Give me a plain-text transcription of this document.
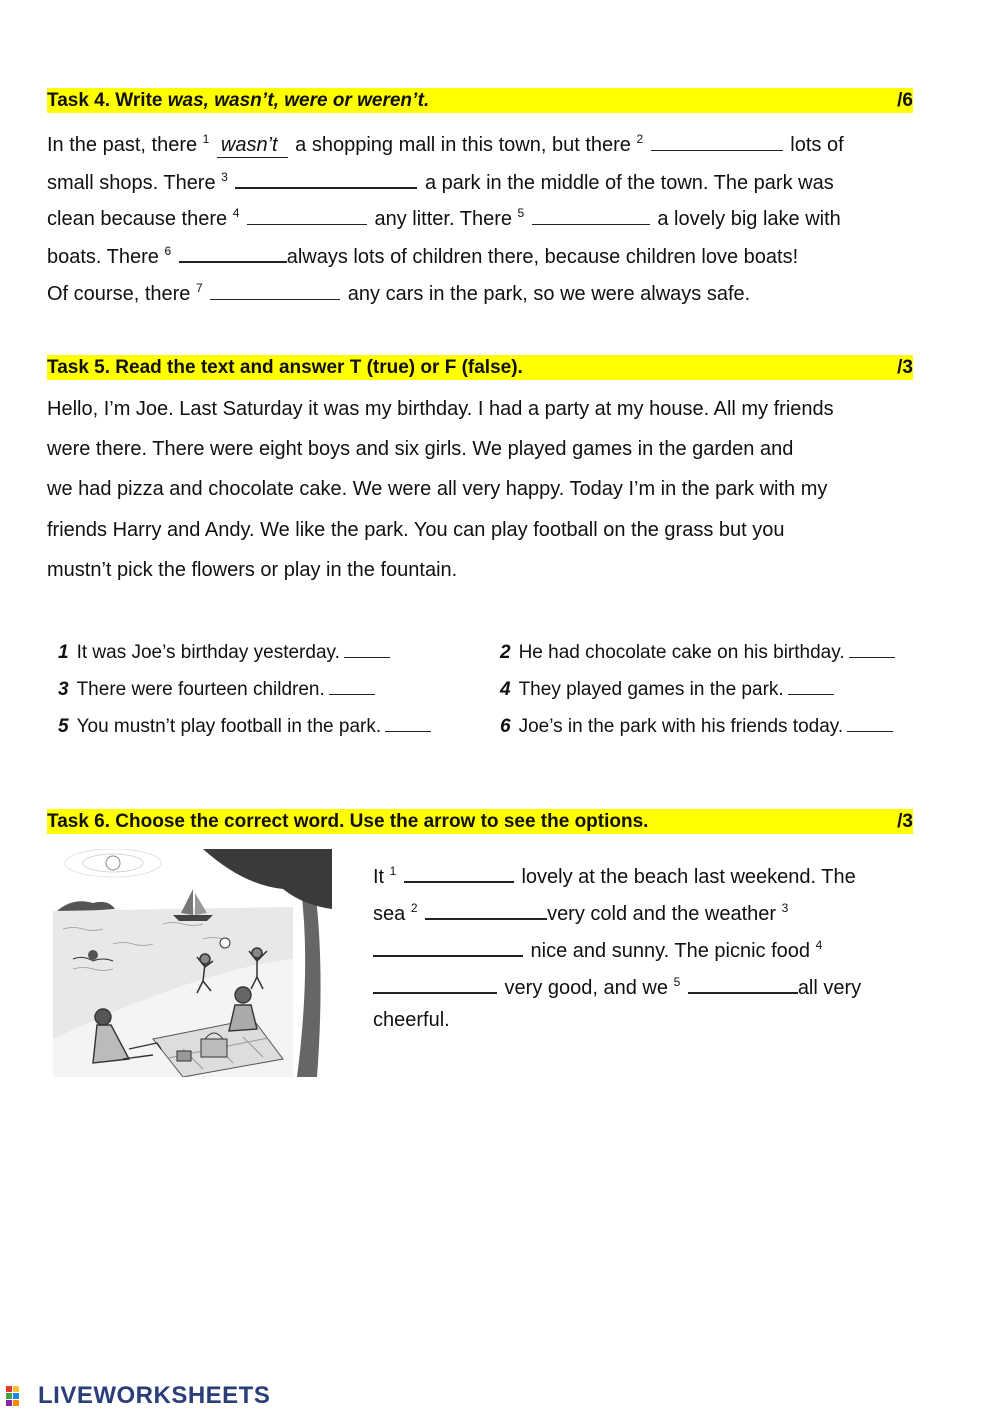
Task 4. Write was, wasn’t, were or weren’t.	/6
In the past, there $^1$ wasn’t a shopping mall in this town, but there $^2$	lots of
small shops. There $^3$	a park in the middle of the town. The park was
clean because there $^4$	any litter. There $^5$	a lovely big lake with
boats. There $^6$	always lots of children there, because children love boats!
Of course, there $^7$	any cars in the park, so we were always safe.
Task 5. Read the text and answer T (true) or F (false).	/3
Hello, I’m Joe. Last Saturday it was my birthday. I had a party at my house. All my friends
were there. There were eight boys and six girls. We played games in the garden and
we had pizza and chocolate cake. We were all very happy. Today I’m in the park with my
friends Harry and Andy. We like the park. You can play football on the grass but you
mustn’t pick the flowers or play in the fountain.
1 It was Joe’s birthday yesterday.	2 He had chocolate cake on his birthday.
3 There were fourteen children.	4 They played games in the park.
5 You mustn’t play football in the park.	6 Joe’s in the park with his friends today.
Task 6. Choose the correct word. Use the arrow to see the options.	/3
It $^1$	lovely at the beach last weekend. The
sea $^2$	very cold and the weather $^3$
nice and sunny. The picnic food $^4$
very good, and we $^5$	all very
cheerful.
LIVEWORKSHEETS
